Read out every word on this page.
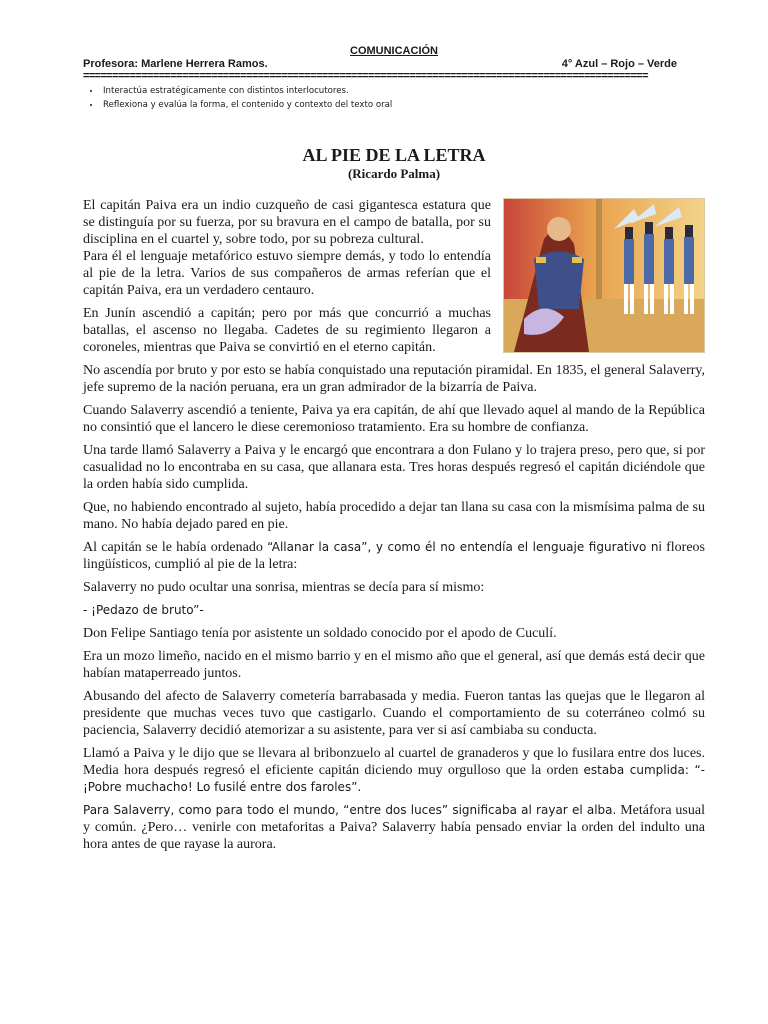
COMUNICACIÓN
Profesora: Marlene Herrera Ramos.	4° Azul – Rojo – Verde
=================================================================================================
• Interactúa estratégicamente con distintos interlocutores.
• Reflexiona y evalúa la forma, el contenido y contexto del texto oral
AL PIE DE LA LETRA
(Ricardo Palma)

El capitán Paiva era un indio cuzqueño de casi gigantesca estatura que se distinguía por su fuerza, por su bravura en el campo de batalla, por su disciplina en el cuartel y, sobre todo, por su pobreza cultural.

Para él el lenguaje metafórico estuvo siempre demás, y todo lo entendía al pie de la letra. Varios de sus compañeros de armas referían que el capitán Paiva, era un verdadero centauro.

En Junín ascendió a capitán; pero por más que concurrió a muchas batallas, el ascenso no llegaba. Cadetes de su regimiento llegaron a coroneles, mientras que Paiva se convirtió en el eterno capitán.

No ascendía por bruto y por esto se había conquistado una reputación piramidal. En 1835, el general Salaverry, jefe supremo de la nación peruana, era un gran admirador de la bizarría de Paiva.

Cuando Salaverry ascendió a teniente, Paiva ya era capitán, de ahí que llevado aquel al mando de la República no consintió que el lancero le diese ceremonioso tratamiento. Era su hombre de confianza.

Una tarde llamó Salaverry a Paiva y le encargó que encontrara a don Fulano y lo trajera preso, pero que, si por casualidad no lo encontraba en su casa, que allanara esta. Tres horas después regresó el capitán diciéndole que la orden había sido cumplida.

Que, no habiendo encontrado al sujeto, había procedido a dejar tan llana su casa con la mismísima palma de su mano. No había dejado pared en pie.

Al capitán se le había ordenado “Allanar la casa”, y como él no entendía el lenguaje figurativo ni floreos lingüísticos, cumplió al pie de la letra:

Salaverry no pudo ocultar una sonrisa, mientras se decía para sí mismo:

- ¡Pedazo de bruto”-

Don Felipe Santiago tenía por asistente un soldado conocido por el apodo de Cuculí.

Era un mozo limeño, nacido en el mismo barrio y en el mismo año que el general, así que demás está decir que habían mataperreado juntos.

Abusando del afecto de Salaverry cometería barrabasada y media. Fueron tantas las quejas que le llegaron al presidente que muchas veces tuvo que castigarlo. Cuando el comportamiento de su coterráneo colmó su paciencia, Salaverry decidió atemorizar a su asistente, para ver si así cambiaba su conducta.

Llamó a Paiva y le dijo que se llevara al bribonzuelo al cuartel de granaderos y que lo fusilara entre dos luces. Media hora después regresó el eficiente capitán diciendo muy orgulloso que la orden estaba cumplida: “- ¡Pobre muchacho! Lo fusilé entre dos faroles”.

Para Salaverry, como para todo el mundo, “entre dos luces” significaba al rayar el alba. Metáfora usual y común. ¿Pero… venirle con metaforitas a Paiva? Salaverry había pensado enviar la orden del indulto una hora antes de que rayase la aurora.
